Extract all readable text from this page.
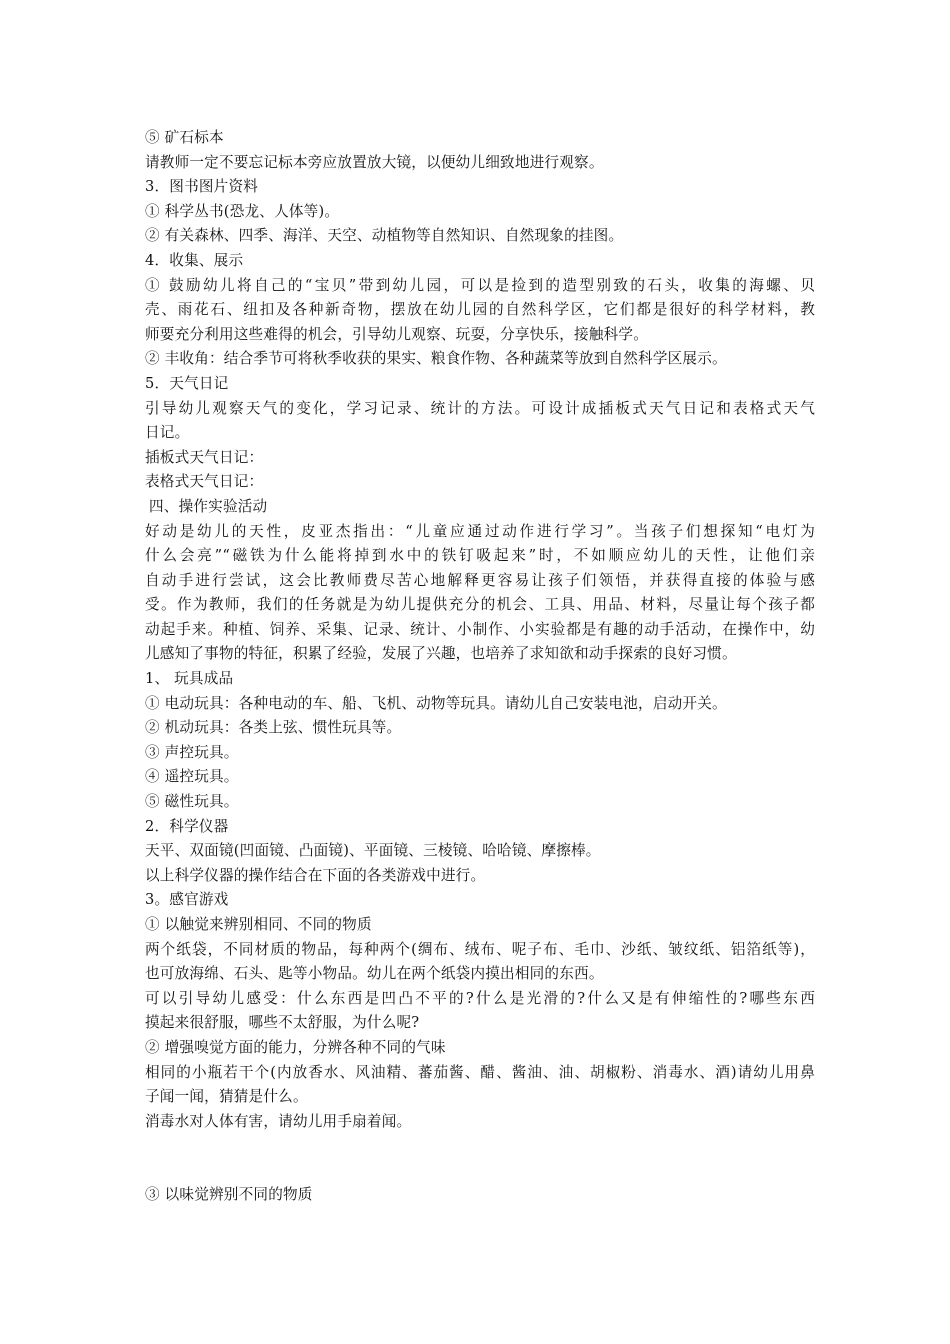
⑤ 矿石标本
请教师一定不要忘记标本旁应放置放大镜，以便幼儿细致地进行观察。
3．图书图片资料
① 科学丛书(恐龙、人体等)。
② 有关森林、四季、海洋、天空、动植物等自然知识、自然现象的挂图。
4．收集、展示
① 鼓励幼儿将自己的“宝贝”带到幼儿园，可以是捡到的造型别致的石头，收集的海螺、贝
壳、雨花石、纽扣及各种新奇物，摆放在幼儿园的自然科学区，它们都是很好的科学材料，教
师要充分利用这些难得的机会，引导幼儿观察、玩耍，分享快乐，接触科学。
② 丰收角：结合季节可将秋季收获的果实、粮食作物、各种蔬菜等放到自然科学区展示。
5．天气日记
引导幼儿观察天气的变化，学习记录、统计的方法。可设计成插板式天气日记和表格式天气
日记。
插板式天气日记：
表格式天气日记：
四、操作实验活动
好动是幼儿的天性，皮亚杰指出：“儿童应通过动作进行学习”。当孩子们想探知“电灯为
什么会亮”“磁铁为什么能将掉到水中的铁钉吸起来”时，不如顺应幼儿的天性，让他们亲
自动手进行尝试，这会比教师费尽苦心地解释更容易让孩子们领悟，并获得直接的体验与感
受。作为教师，我们的任务就是为幼儿提供充分的机会、工具、用品、材料，尽量让每个孩子都
动起手来。种植、饲养、采集、记录、统计、小制作、小实验都是有趣的动手活动，在操作中，幼
儿感知了事物的特征，积累了经验，发展了兴趣，也培养了求知欲和动手探索的良好习惯。
1、 玩具成品
① 电动玩具：各种电动的车、船、飞机、动物等玩具。请幼儿自己安装电池，启动开关。
② 机动玩具：各类上弦、惯性玩具等。
③ 声控玩具。
④ 遥控玩具。
⑤ 磁性玩具。
2．科学仪器
天平、双面镜(凹面镜、凸面镜)、平面镜、三棱镜、哈哈镜、摩擦棒。
以上科学仪器的操作结合在下面的各类游戏中进行。
3。感官游戏
① 以触觉来辨别相同、不同的物质
两个纸袋，不同材质的物品，每种两个(绸布、绒布、呢子布、毛巾、沙纸、皱纹纸、铝箔纸等)，
也可放海绵、石头、匙等小物品。幼儿在两个纸袋内摸出相同的东西。
可以引导幼儿感受：什么东西是凹凸不平的?什么是光滑的?什么又是有伸缩性的?哪些东西
摸起来很舒服，哪些不太舒服，为什么呢?
② 增强嗅觉方面的能力，分辨各种不同的气味
相同的小瓶若干个(内放香水、风油精、蕃茄酱、醋、酱油、油、胡椒粉、消毒水、酒)请幼儿用鼻
子闻一闻，猜猜是什么。
消毒水对人体有害，请幼儿用手扇着闻。
③ 以味觉辨别不同的物质
